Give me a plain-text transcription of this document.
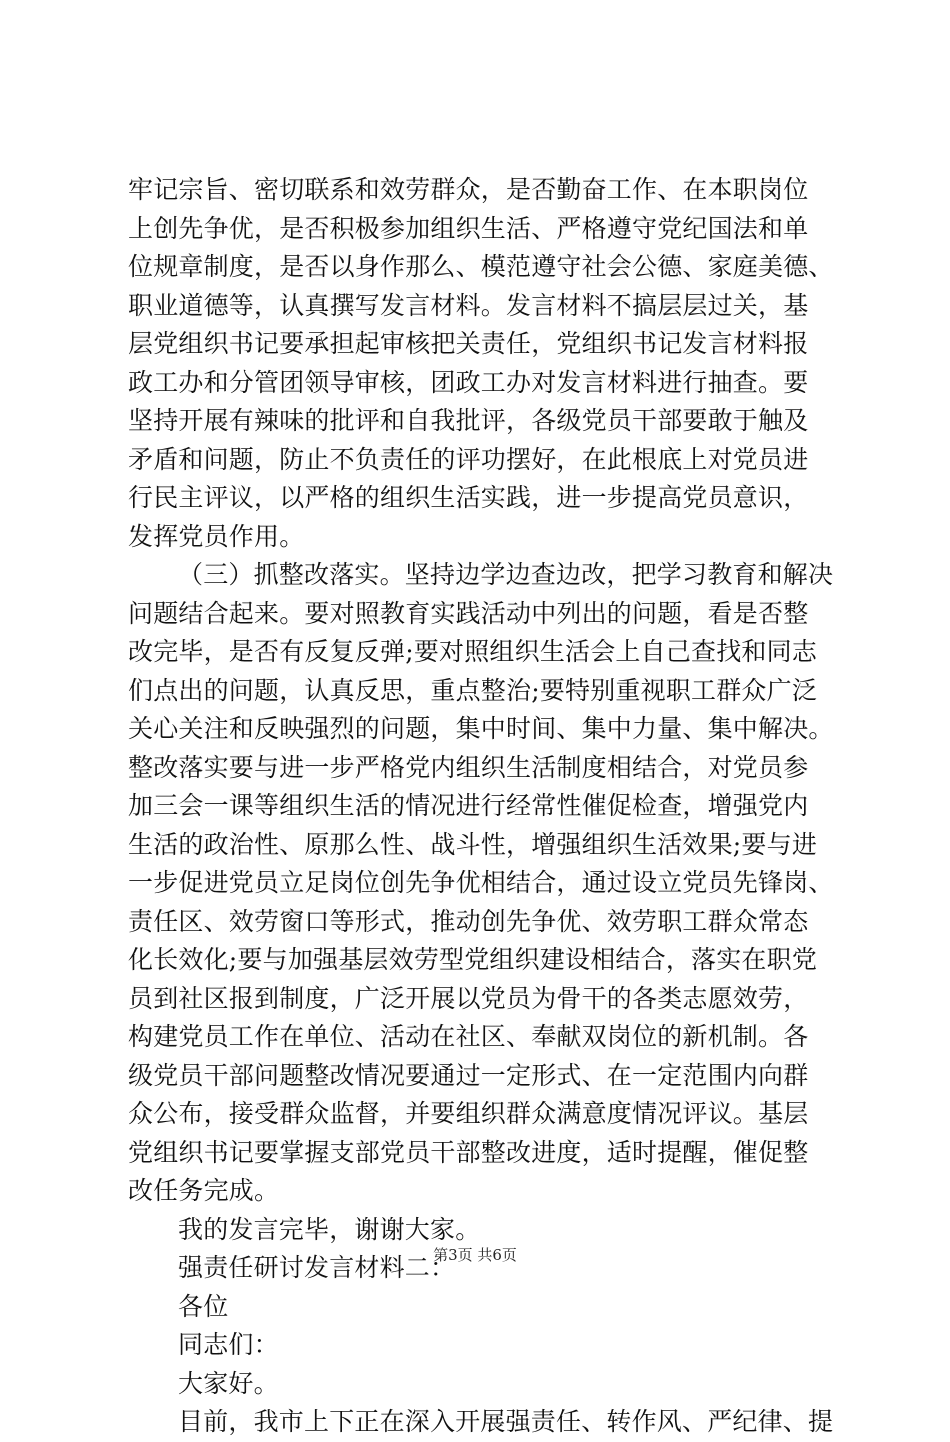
牢记宗旨、密切联系和效劳群众，是否勤奋工作、在本职岗位
上创先争优，是否积极参加组织生活、严格遵守党纪国法和单
位规章制度，是否以身作那么、模范遵守社会公德、家庭美德、
职业道德等，认真撰写发言材料。发言材料不搞层层过关，基
层党组织书记要承担起审核把关责任，党组织书记发言材料报
政工办和分管团领导审核，团政工办对发言材料进行抽查。要
坚持开展有辣味的批评和自我批评，各级党员干部要敢于触及
矛盾和问题，防止不负责任的评功摆好，在此根底上对党员进
行民主评议，以严格的组织生活实践，进一步提高党员意识，
发挥党员作用。
（三）抓整改落实。坚持边学边查边改，把学习教育和解决
问题结合起来。要对照教育实践活动中列出的问题，看是否整
改完毕，是否有反复反弹;要对照组织生活会上自己查找和同志
们点出的问题，认真反思，重点整治;要特别重视职工群众广泛
关心关注和反映强烈的问题，集中时间、集中力量、集中解决。
整改落实要与进一步严格党内组织生活制度相结合，对党员参
加三会一课等组织生活的情况进行经常性催促检查，增强党内
生活的政治性、原那么性、战斗性，增强组织生活效果;要与进
一步促进党员立足岗位创先争优相结合，通过设立党员先锋岗、
责任区、效劳窗口等形式，推动创先争优、效劳职工群众常态
化长效化;要与加强基层效劳型党组织建设相结合，落实在职党
员到社区报到制度，广泛开展以党员为骨干的各类志愿效劳，
构建党员工作在单位、活动在社区、奉献双岗位的新机制。各
级党员干部问题整改情况要通过一定形式、在一定范围内向群
众公布，接受群众监督，并要组织群众满意度情况评议。基层
党组织书记要掌握支部党员干部整改进度，适时提醒，催促整
改任务完成。
我的发言完毕，谢谢大家。
强责任研讨发言材料二：
各位
同志们：
大家好。
目前，我市上下正在深入开展强责任、转作风、严纪律、提
第3页 共6页
